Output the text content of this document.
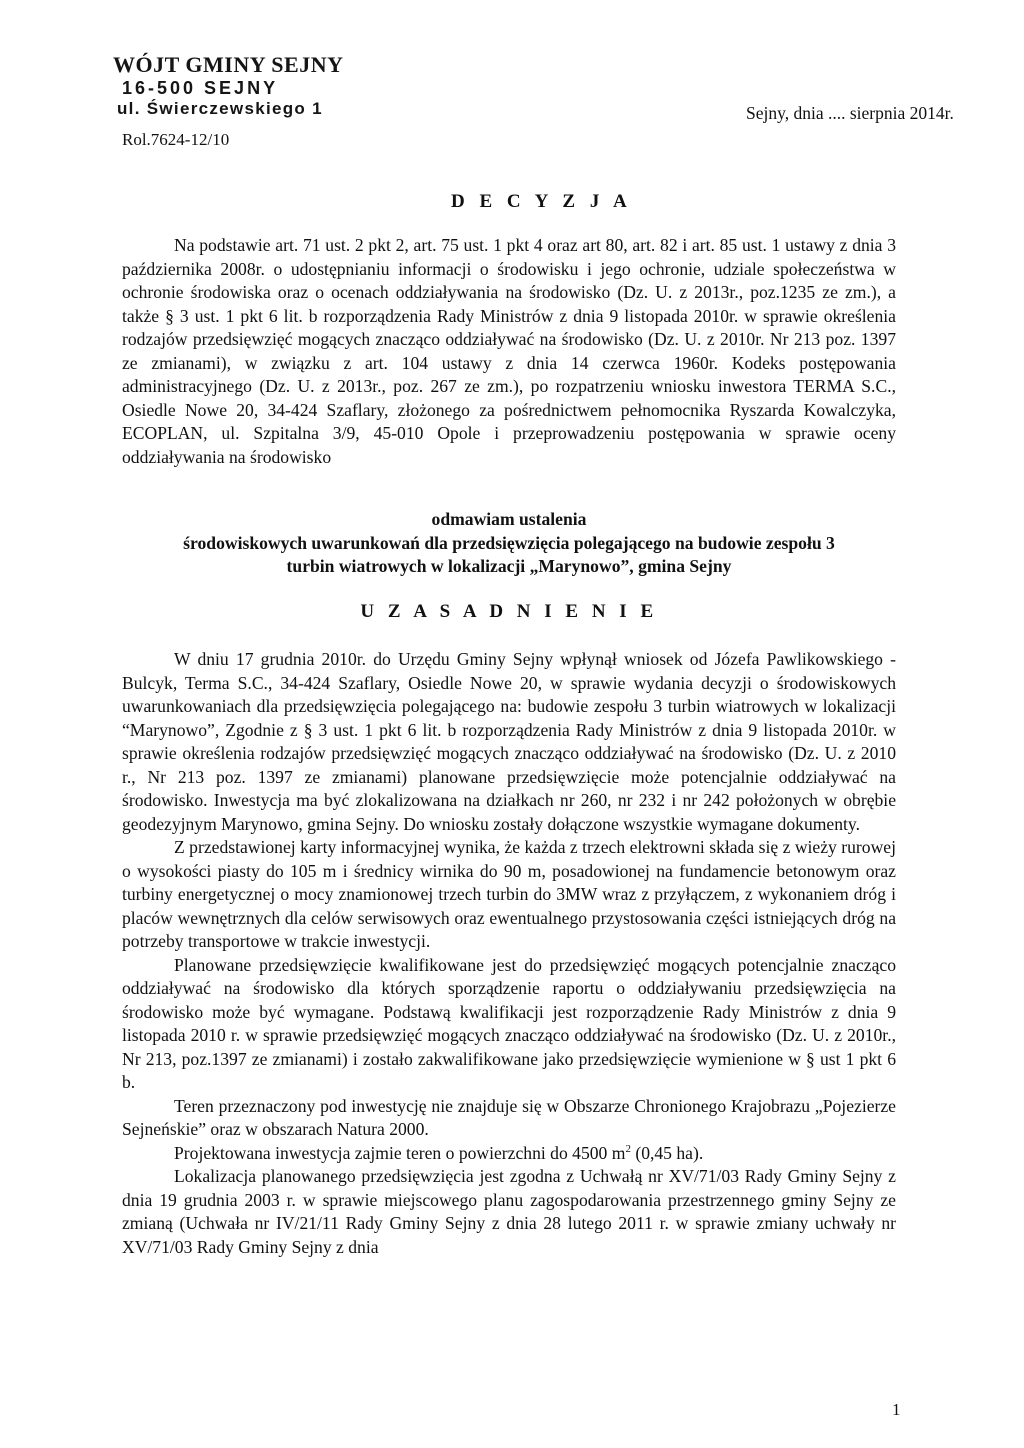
WÓJT GMINY SEJNY
16-500 SEJNY
ul. Świerczewskiego 1
Rol.7624-12/10
Sejny, dnia .... sierpnia 2014r.
D E C Y Z J A

Na podstawie art. 71 ust. 2 pkt 2, art. 75 ust. 1 pkt 4 oraz art 80, art. 82 i art. 85 ust. 1 ustawy z dnia 3 października 2008r. o udostępnianiu informacji o środowisku i jego ochronie, udziale społeczeństwa w ochronie środowiska oraz o ocenach oddziaływania na środowisko (Dz. U. z 2013r., poz.1235 ze zm.), a także § 3 ust. 1 pkt 6 lit. b rozporządzenia Rady Ministrów z dnia 9 listopada 2010r. w sprawie określenia rodzajów przedsięwzięć mogących znacząco oddziaływać na środowisko (Dz. U. z 2010r. Nr 213 poz. 1397 ze zmianami), w związku z art. 104 ustawy z dnia 14 czerwca 1960r. Kodeks postępowania administracyjnego (Dz. U. z 2013r., poz. 267 ze zm.), po rozpatrzeniu wniosku inwestora TERMA S.C., Osiedle Nowe 20, 34-424 Szaflary, złożonego za pośrednictwem pełnomocnika Ryszarda Kowalczyka, ECOPLAN, ul. Szpitalna 3/9, 45-010 Opole i przeprowadzeniu postępowania w sprawie oceny oddziaływania na środowisko

odmawiam ustalenia
środowiskowych uwarunkowań dla przedsięwzięcia polegającego na budowie zespołu 3
turbin wiatrowych w lokalizacji „Marynowo”, gmina Sejny
U Z A S A D N I E N I E

W dniu 17 grudnia 2010r. do Urzędu Gminy Sejny wpłynął wniosek od Józefa Pawlikowskiego - Bulcyk, Terma S.C., 34-424 Szaflary, Osiedle Nowe 20, w sprawie wydania decyzji o środowiskowych uwarunkowaniach dla przedsięwzięcia polegającego na: budowie zespołu 3 turbin wiatrowych w lokalizacji “Marynowo”, Zgodnie z § 3 ust. 1 pkt 6 lit. b rozporządzenia Rady Ministrów z dnia 9 listopada 2010r. w sprawie określenia rodzajów przedsięwzięć mogących znacząco oddziaływać na środowisko (Dz. U. z 2010 r., Nr 213 poz. 1397 ze zmianami) planowane przedsięwzięcie może potencjalnie oddziaływać na środowisko. Inwestycja ma być zlokalizowana na działkach nr 260, nr 232 i nr 242 położonych w obrębie geodezyjnym Marynowo, gmina Sejny. Do wniosku zostały dołączone wszystkie wymagane dokumenty.

Z przedstawionej karty informacyjnej wynika, że każda z trzech elektrowni składa się z wieży rurowej o wysokości piasty do 105 m i średnicy wirnika do 90 m, posadowionej na fundamencie betonowym oraz turbiny energetycznej o mocy znamionowej trzech turbin do 3MW wraz z przyłączem, z wykonaniem dróg i placów wewnętrznych dla celów serwisowych oraz ewentualnego przystosowania części istniejących dróg na potrzeby transportowe w trakcie inwestycji.

Planowane przedsięwzięcie kwalifikowane jest do przedsięwzięć mogących potencjalnie znacząco oddziaływać na środowisko dla których sporządzenie raportu o oddziaływaniu przedsięwzięcia na środowisko może być wymagane. Podstawą kwalifikacji jest rozporządzenie Rady Ministrów z dnia 9 listopada 2010 r. w sprawie przedsięwzięć mogących znacząco oddziaływać na środowisko (Dz. U. z 2010r., Nr 213, poz.1397 ze zmianami) i zostało zakwalifikowane jako przedsięwzięcie wymienione w § ust 1 pkt 6 b.

Teren przeznaczony pod inwestycję nie znajduje się w Obszarze Chronionego Krajobrazu „Pojezierze Sejneńskie” oraz w obszarach Natura 2000.

Projektowana inwestycja zajmie teren o powierzchni do 4500 $m^2$ (0,45 ha).

Lokalizacja planowanego przedsięwzięcia jest zgodna z Uchwałą nr XV/71/03 Rady Gminy Sejny z dnia 19 grudnia 2003 r. w sprawie miejscowego planu zagospodarowania przestrzennego gminy Sejny ze zmianą (Uchwała nr IV/21/11 Rady Gminy Sejny z dnia 28 lutego 2011 r. w sprawie zmiany uchwały nr XV/71/03 Rady Gminy Sejny z dnia

1
